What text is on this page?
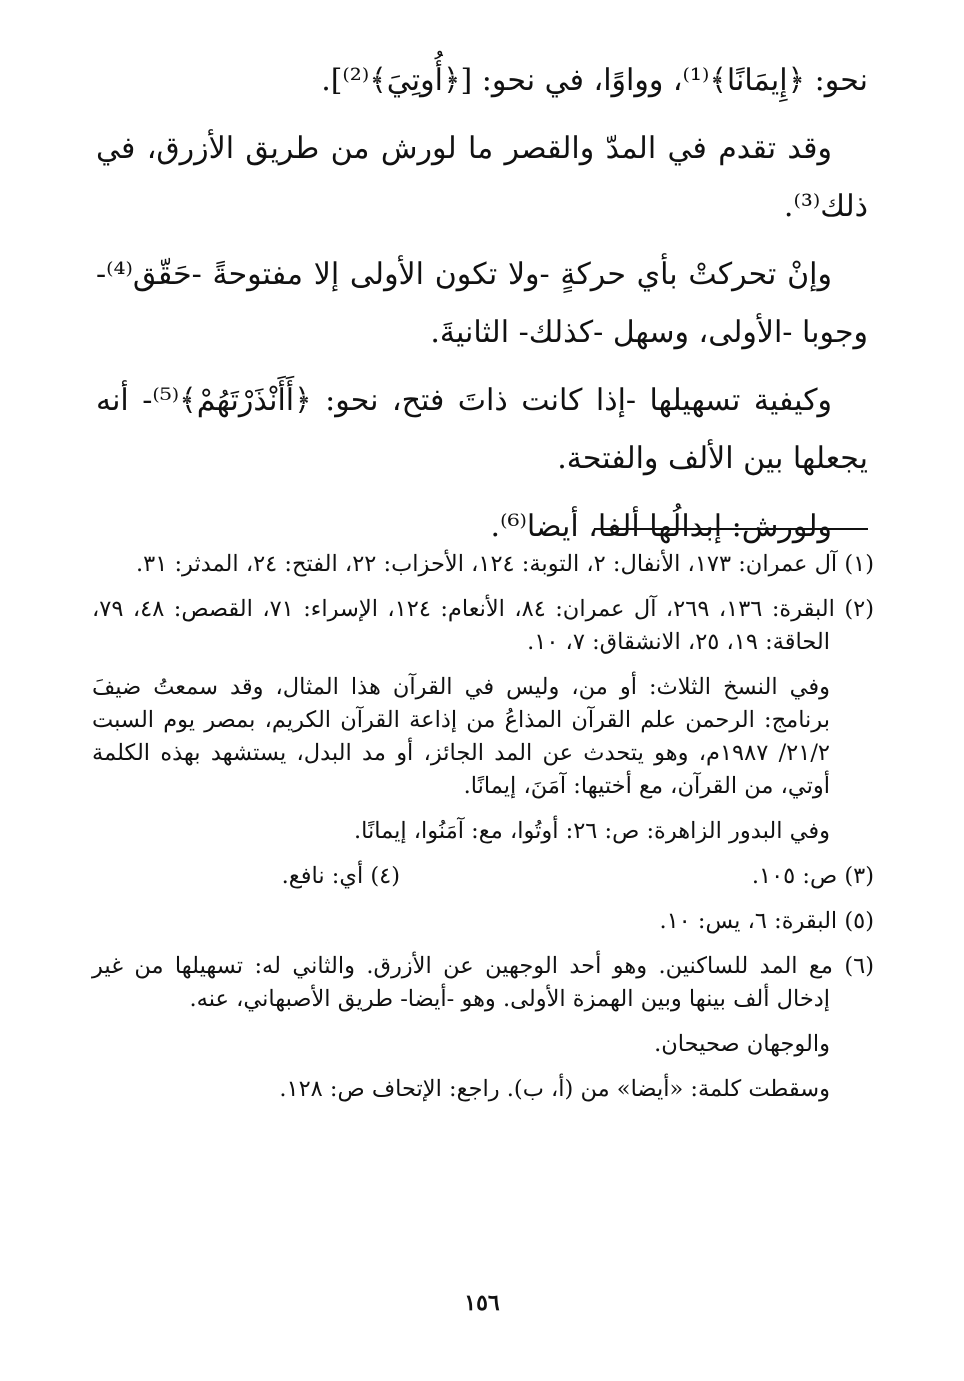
نحو: ﴿إِيمَانًا﴾⁽¹⁾، وواوًا، في نحو: [﴿أُوتِيَ﴾⁽²⁾].

وقد تقدم في المدّ والقصر ما لورش من طريق الأزرق، في ذلك⁽³⁾.

وإنْ تحركتْ بأي حركةٍ -ولا تكون الأولى إلا مفتوحةً -حَقّق⁽⁴⁾- وجوبا -الأولى، وسهل -كذلك- الثانيةَ.

وكيفية تسهيلها -إذا كانت ذاتَ فتح، نحو: ﴿أَأَنْذَرْتَهُمْ﴾⁽⁵⁾- أنه يجعلها بين الألف والفتحة.

ولورش: إبدالُها ألفا، أيضا⁽⁶⁾.

(١) آل عمران: ١٧٣، الأنفال: ٢، التوبة: ١٢٤، الأحزاب: ٢٢، الفتح: ٢٤، المدثر: ٣١.

(٢) البقرة: ١٣٦، ٢٦٩، آل عمران: ٨٤، الأنعام: ١٢٤، الإسراء: ٧١، القصص: ٤٨، ٧٩، الحاقة: ١٩، ٢٥، الانشقاق: ٧، ١٠.

وفي النسخ الثلاث: أو من، وليس في القرآن هذا المثال، وقد سمعتُ ضيفَ برنامج: الرحمن علم القرآن المذاعُ من إذاعة القرآن الكريم، بمصر يوم السبت ٢١/٢/ ١٩٨٧م، وهو يتحدث عن المد الجائز، أو مد البدل، يستشهد بهذه الكلمة أوتي، من القرآن، مع أختيها: آمَنَ، إيمانًا.

وفي البدور الزاهرة: ص: ٢٦: أوتُوا، مع: آمَنُوا، إيمانًا.

(٣) ص: ١٠٥.

(٤) أي: نافع.

(٥) البقرة: ٦، يس: ١٠.

(٦) مع المد للساكنين. وهو أحد الوجهين عن الأزرق. والثاني له: تسهيلها من غير إدخال ألف بينها وبين الهمزة الأولى. وهو -أيضا- طريق الأصبهاني، عنه.

والوجهان صحيحان.

وسقطت كلمة: «أيضا» من (أ، ب). راجع: الإتحاف ص: ١٢٨.

١٥٦
